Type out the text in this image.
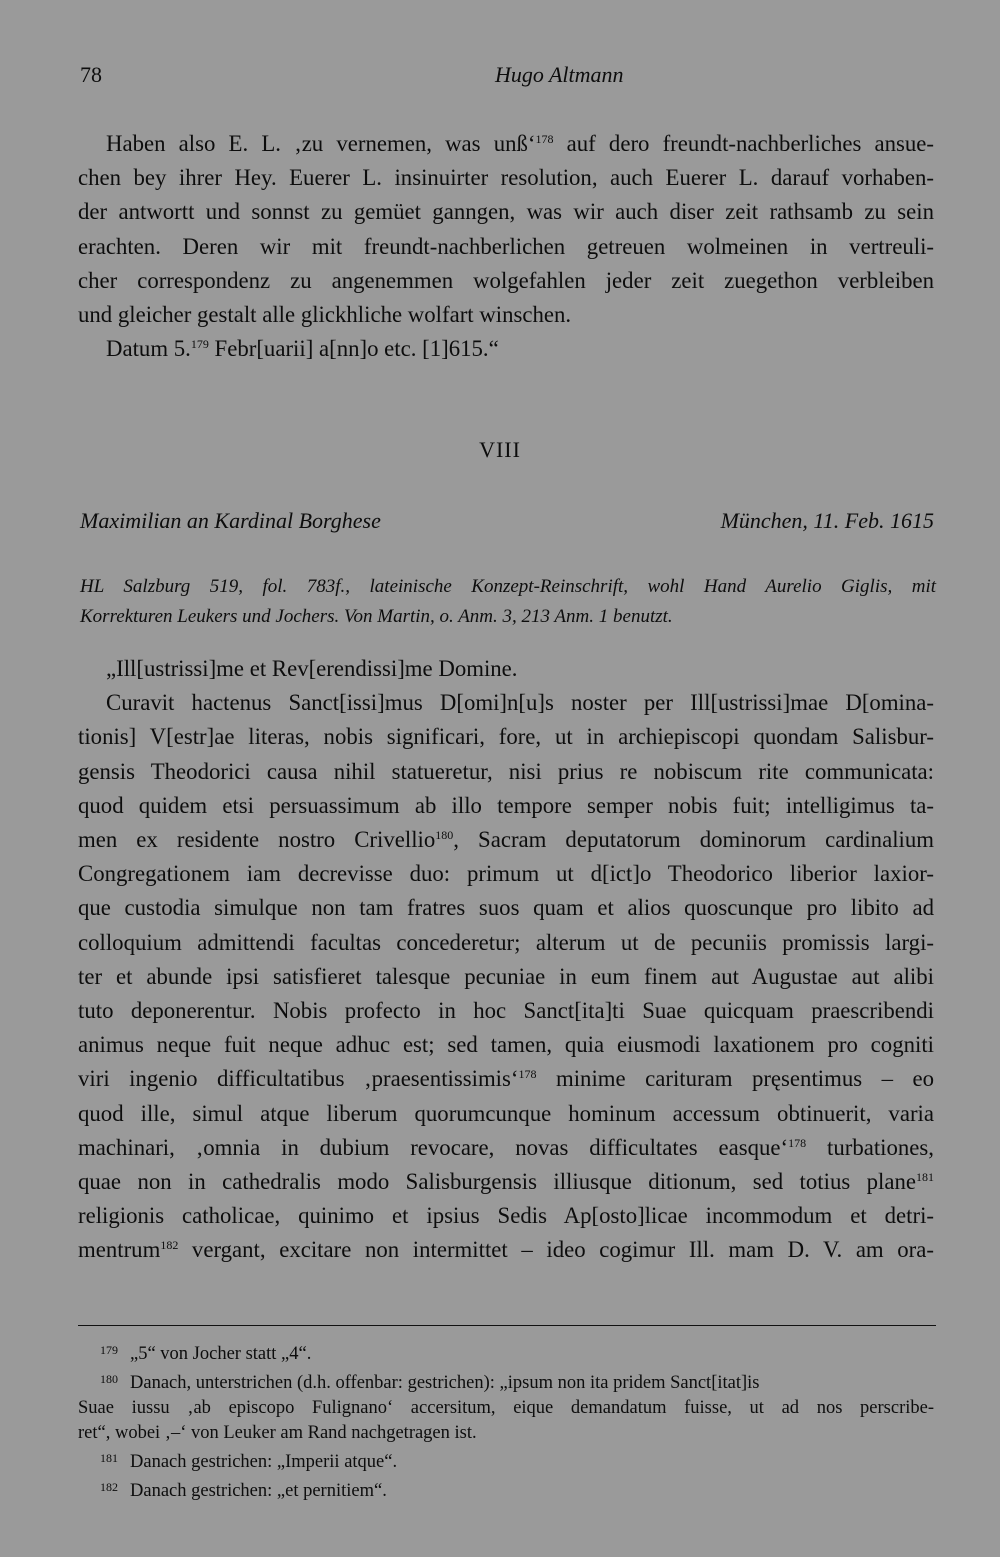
78	Hugo Altmann
Haben also E. L. ‚zu vernemen, was unß‘$^{178}$ auf dero freundt-nachberliches ansue-
chen bey ihrer Hey. Euerer L. insinuirter resolution, auch Euerer L. darauf vorhaben-
der antwortt und sonnst zu gemüet ganngen, was wir auch diser zeit rathsamb zu sein
erachten. Deren wir mit freundt-nachberlichen getreuen wolmeinen in vertreuli-
cher correspondenz zu angenemmen wolgefahlen jeder zeit zuegethon verbleiben
und gleicher gestalt alle glickhliche wolfart winschen.
Datum 5.$^{179}$ Febr[uarii] a[nn]o etc. [1]615.“
VIII
Maximilian an Kardinal Borghese	München, 11. Feb. 1615
HL Salzburg 519, fol. 783f., lateinische Konzept-Reinschrift, wohl Hand Aurelio Giglis, mit
Korrekturen Leukers und Jochers. Von Martin, o. Anm. 3, 213 Anm. 1 benutzt.
„Ill[ustrissi]me et Rev[erendissi]me Domine.
Curavit hactenus Sanct[issi]mus D[omi]n[u]s noster per Ill[ustrissi]mae D[omina-
tionis] V[estr]ae literas, nobis significari, fore, ut in archiepiscopi quondam Salisbur-
gensis Theodorici causa nihil statueretur, nisi prius re nobiscum rite communicata:
quod quidem etsi persuassimum ab illo tempore semper nobis fuit; intelligimus ta-
men ex residente nostro Crivellio$^{180}$, Sacram deputatorum dominorum cardinalium
Congregationem iam decrevisse duo: primum ut d[ict]o Theodorico liberior laxior-
que custodia simulque non tam fratres suos quam et alios quoscunque pro libito ad
colloquium admittendi facultas concederetur; alterum ut de pecuniis promissis largi-
ter et abunde ipsi satisfieret talesque pecuniae in eum finem aut Augustae aut alibi
tuto deponerentur. Nobis profecto in hoc Sanct[ita]ti Suae quicquam praescribendi
animus neque fuit neque adhuc est; sed tamen, quia eiusmodi laxationem pro cogniti
viri ingenio difficultatibus ‚praesentissimis‘$^{178}$ minime carituram pręsentimus – eo
quod ille, simul atque liberum quorumcunque hominum accessum obtinuerit, varia
machinari, ‚omnia in dubium revocare, novas difficultates easque‘$^{178}$ turbationes,
quae non in cathedralis modo Salisburgensis illiusque ditionum, sed totius plane$^{181}$
religionis catholicae, quinimo et ipsius Sedis Ap[osto]licae incommodum et detri-
mentrum$^{182}$ vergant, excitare non intermittet – ideo cogimur Ill. mam D. V. am ora-

179 „5“ von Jocher statt „4“.

180 Danach, unterstrichen (d.h. offenbar: gestrichen): „ipsum non ita pridem Sanct[itat]is

Suae iussu ‚ab episcopo Fulignano‘ accersitum, eique demandatum fuisse, ut ad nos perscribe-

ret“, wobei ‚–‘ von Leuker am Rand nachgetragen ist.

181 Danach gestrichen: „Imperii atque“.

182 Danach gestrichen: „et pernitiem“.
